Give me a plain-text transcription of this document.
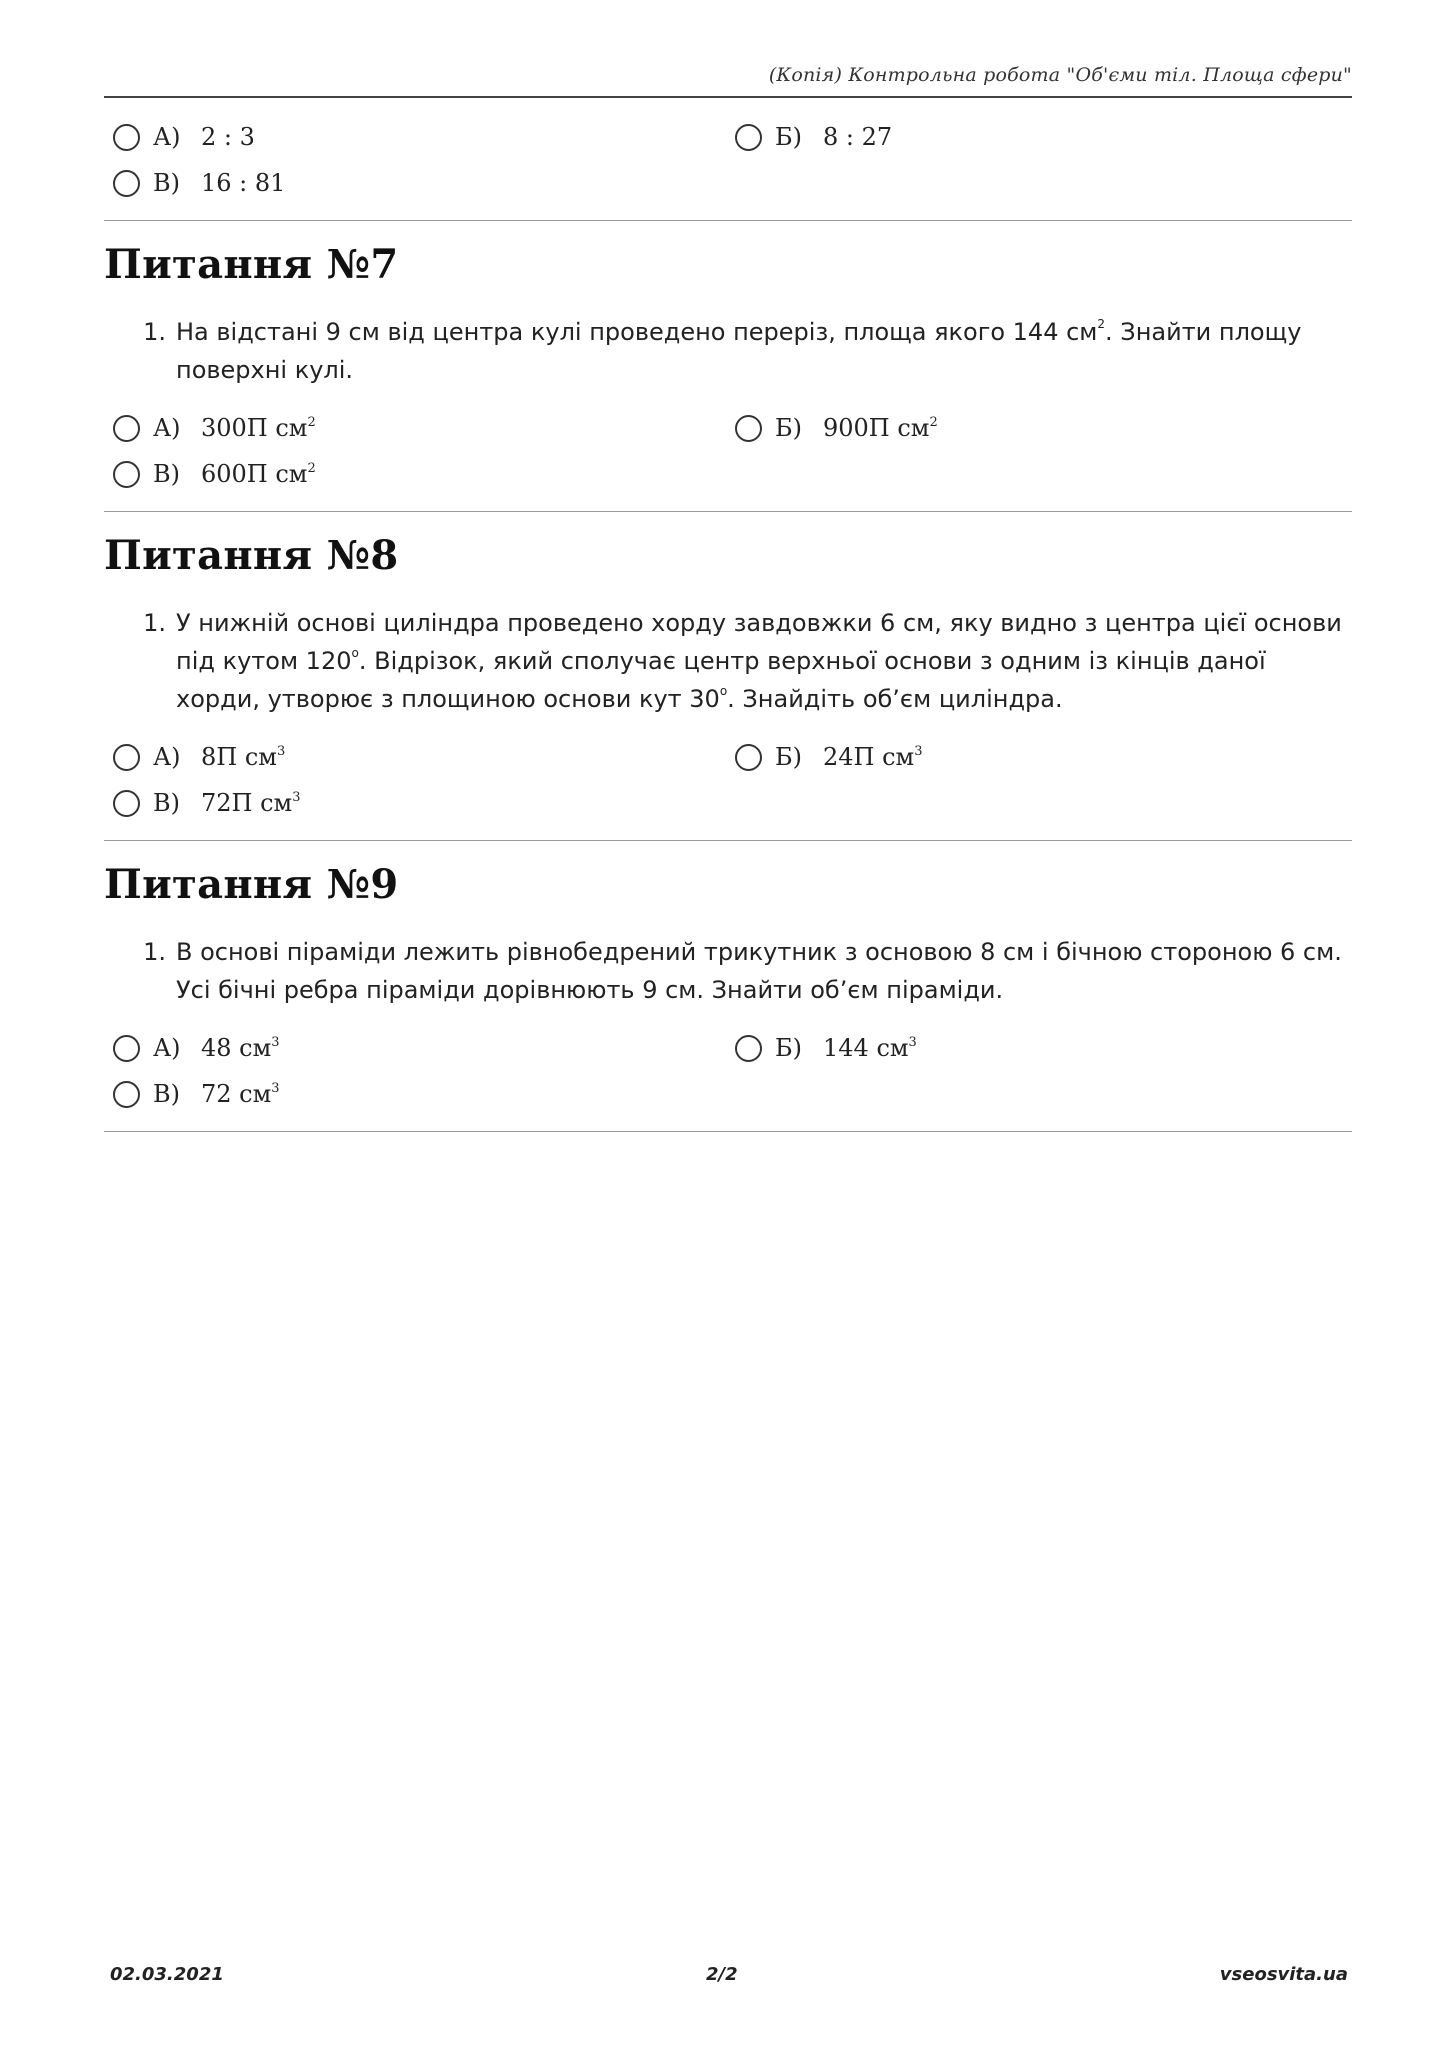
(Копія) Контрольна робота "Об'єми тіл. Площа сфери"
А) 2 : 3	Б) 8 : 27
В) 16 : 81
Питання №7
1. На відстані 9 см від центра кулі проведено переріз, площа якого 144 $см^2$. Знайти площу поверхні кулі.
А) 300П $см^2$	Б) 900П $см^2$
В) 600П $см^2$
Питання №8
1. У нижній основі циліндра проведено хорду завдовжки 6 см, яку видно з центра цієї основи під кутом $120^о$. Відрізок, який сполучає центр верхньої основи з одним із кінців даної хорди, утворює з площиною основи кут $30^о$. Знайдіть об’єм циліндра.
А) 8П $см^3$	Б) 24П $см^3$
В) 72П $см^3$
Питання №9
1. В основі піраміди лежить рівнобедрений трикутник з основою 8 см і бічною стороною 6 см. Усі бічні ребра піраміди дорівнюють 9 см. Знайти об’єм піраміди.
А) 48 $см^3$	Б) 144 $см^3$
В) 72 $см^3$
02.03.2021	2/2	vseosvita.ua
